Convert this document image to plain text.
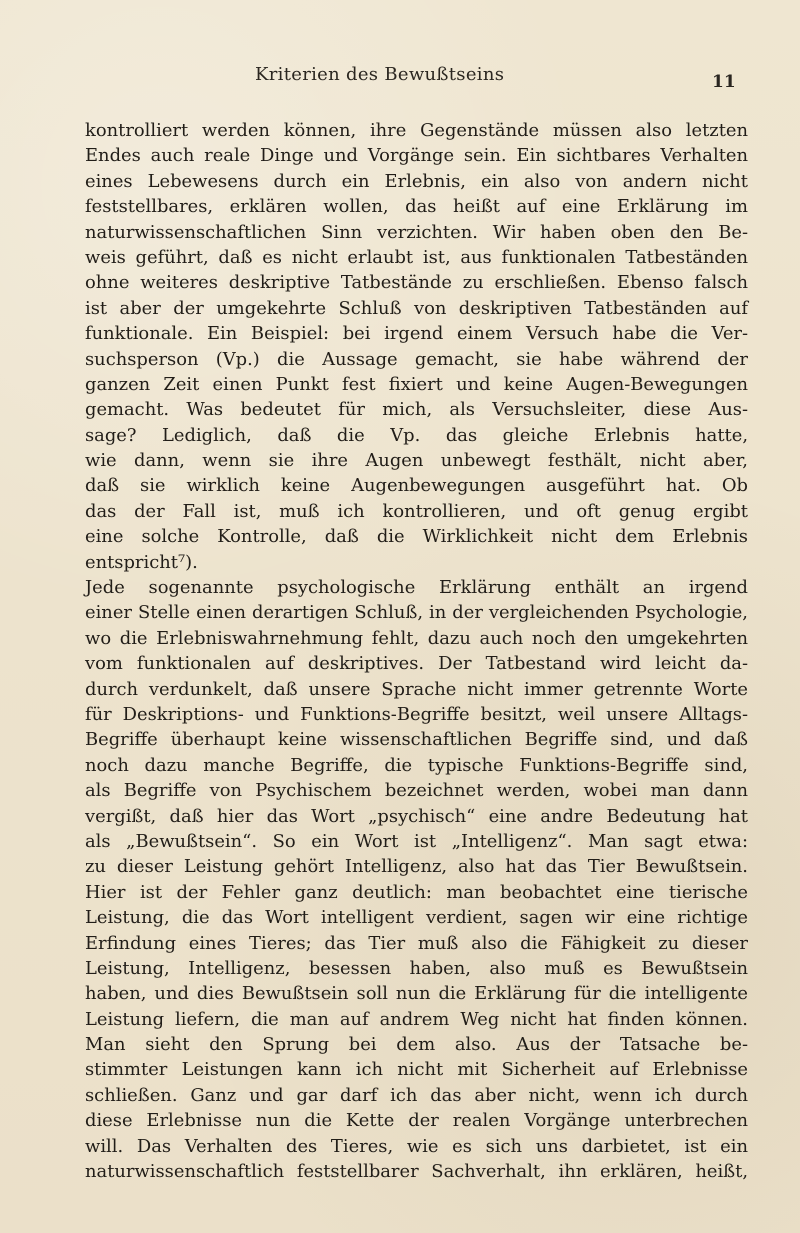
Kriterien des Bewußtseins	11
kontrolliert werden können, ihre Gegenstände müssen also letzten
Endes auch reale Dinge und Vorgänge sein. Ein sichtbares Verhalten
eines Lebewesens durch ein Erlebnis, ein also von andern nicht
feststellbares, erklären wollen, das heißt auf eine Erklärung im
naturwissenschaftlichen Sinn verzichten. Wir haben oben den Be-
weis geführt, daß es nicht erlaubt ist, aus funktionalen Tatbeständen
ohne weiteres deskriptive Tatbestände zu erschließen. Ebenso falsch
ist aber der umgekehrte Schluß von deskriptiven Tatbeständen auf
funktionale. Ein Beispiel: bei irgend einem Versuch habe die Ver-
suchsperson (Vp.) die Aussage gemacht, sie habe während der
ganzen Zeit einen Punkt fest fixiert und keine Augen-Bewegungen
gemacht. Was bedeutet für mich, als Versuchsleiter, diese Aus-
sage? Lediglich, daß die Vp. das gleiche Erlebnis hatte,
wie dann, wenn sie ihre Augen unbewegt festhält, nicht aber,
daß sie wirklich keine Augenbewegungen ausgeführt hat. Ob
das der Fall ist, muß ich kontrollieren, und oft genug ergibt
eine solche Kontrolle, daß die Wirklichkeit nicht dem Erlebnis
entspricht⁷).
Jede sogenannte psychologische Erklärung enthält an irgend
einer Stelle einen derartigen Schluß, in der vergleichenden Psychologie,
wo die Erlebniswahrnehmung fehlt, dazu auch noch den umgekehrten
vom funktionalen auf deskriptives. Der Tatbestand wird leicht da-
durch verdunkelt, daß unsere Sprache nicht immer getrennte Worte
für Deskriptions- und Funktions-Begriffe besitzt, weil unsere Alltags-
Begriffe überhaupt keine wissenschaftlichen Begriffe sind, und daß
noch dazu manche Begriffe, die typische Funktions-Begriffe sind,
als Begriffe von Psychischem bezeichnet werden, wobei man dann
vergißt, daß hier das Wort „psychisch“ eine andre Bedeutung hat
als „Bewußtsein“. So ein Wort ist „Intelligenz“. Man sagt etwa:
zu dieser Leistung gehört Intelligenz, also hat das Tier Bewußtsein.
Hier ist der Fehler ganz deutlich: man beobachtet eine tierische
Leistung, die das Wort intelligent verdient, sagen wir eine richtige
Erfindung eines Tieres; das Tier muß also die Fähigkeit zu dieser
Leistung, Intelligenz, besessen haben, also muß es Bewußtsein
haben, und dies Bewußtsein soll nun die Erklärung für die intelligente
Leistung liefern, die man auf andrem Weg nicht hat finden können.
Man sieht den Sprung bei dem also. Aus der Tatsache be-
stimmter Leistungen kann ich nicht mit Sicherheit auf Erlebnisse
schließen. Ganz und gar darf ich das aber nicht, wenn ich durch
diese Erlebnisse nun die Kette der realen Vorgänge unterbrechen
will. Das Verhalten des Tieres, wie es sich uns darbietet, ist ein
naturwissenschaftlich feststellbarer Sachverhalt, ihn erklären, heißt,
